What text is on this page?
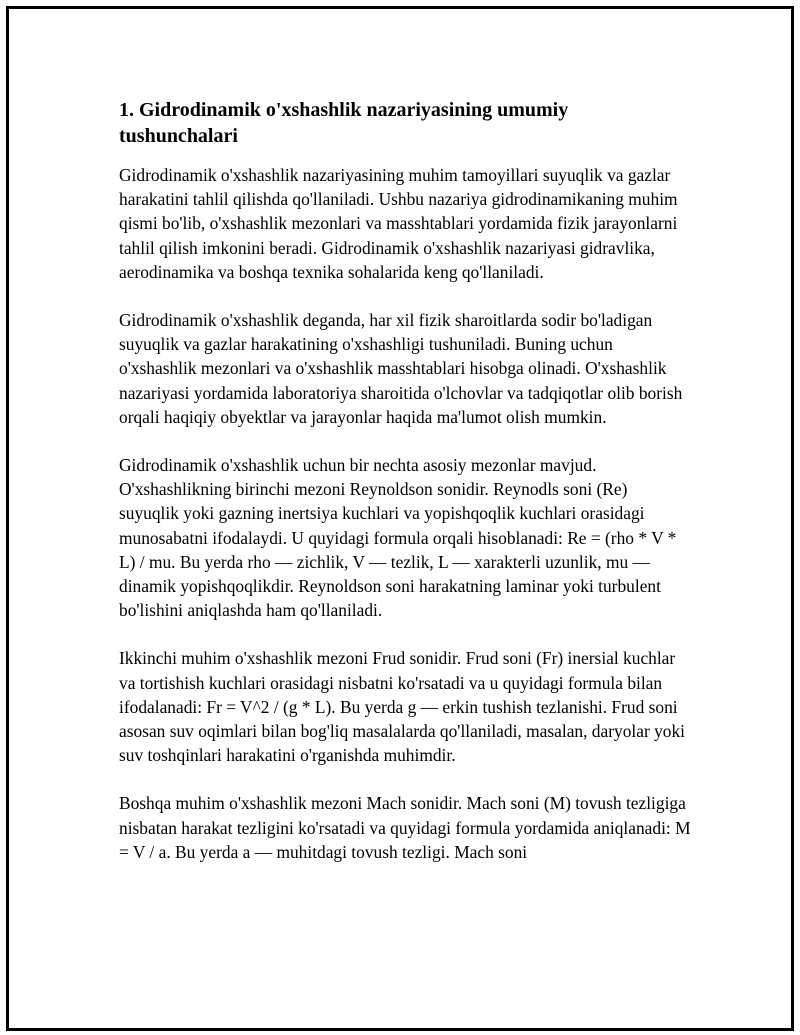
1. Gidrodinamik o'xshashlik nazariyasining umumiy tushunchalari

Gidrodinamik o'xshashlik nazariyasining muhim tamoyillari suyuqlik va gazlar harakatini tahlil qilishda qo'llaniladi. Ushbu nazariya gidrodinamikaning muhim qismi bo'lib, o'xshashlik mezonlari va masshtablari yordamida fizik jarayonlarni tahlil qilish imkonini beradi. Gidrodinamik o'xshashlik nazariyasi gidravlika, aerodinamika va boshqa texnika sohalarida keng qo'llaniladi.

Gidrodinamik o'xshashlik deganda, har xil fizik sharoitlarda sodir bo'ladigan suyuqlik va gazlar harakatining o'xshashligi tushuniladi. Buning uchun o'xshashlik mezonlari va o'xshashlik masshtablari hisobga olinadi. O'xshashlik nazariyasi yordamida laboratoriya sharoitida o'lchovlar va tadqiqotlar olib borish orqali haqiqiy obyektlar va jarayonlar haqida ma'lumot olish mumkin.

Gidrodinamik o'xshashlik uchun bir nechta asosiy mezonlar mavjud. O'xshashlikning birinchi mezoni Reynoldson sonidir. Reynodls soni (Re) suyuqlik yoki gazning inertsiya kuchlari va yopishqoqlik kuchlari orasidagi munosabatni ifodalaydi. U quyidagi formula orqali hisoblanadi: Re = (rho * V * L) / mu. Bu yerda rho — zichlik, V — tezlik, L — xarakterli uzunlik, mu — dinamik yopishqoqlikdir. Reynoldson soni harakatning laminar yoki turbulent bo'lishini aniqlashda ham qo'llaniladi.

Ikkinchi muhim o'xshashlik mezoni Frud sonidir. Frud soni (Fr) inersial kuchlar va tortishish kuchlari orasidagi nisbatni ko'rsatadi va u quyidagi formula bilan ifodalanadi: Fr = V^2 / (g * L). Bu yerda g — erkin tushish tezlanishi. Frud soni asosan suv oqimlari bilan bog'liq masalalarda qo'llaniladi, masalan, daryolar yoki suv toshqinlari harakatini o'rganishda muhimdir.

Boshqa muhim o'xshashlik mezoni Mach sonidir. Mach soni (M) tovush tezligiga nisbatan harakat tezligini ko'rsatadi va quyidagi formula yordamida aniqlanadi: M = V / a. Bu yerda a — muhitdagi tovush tezligi. Mach soni
